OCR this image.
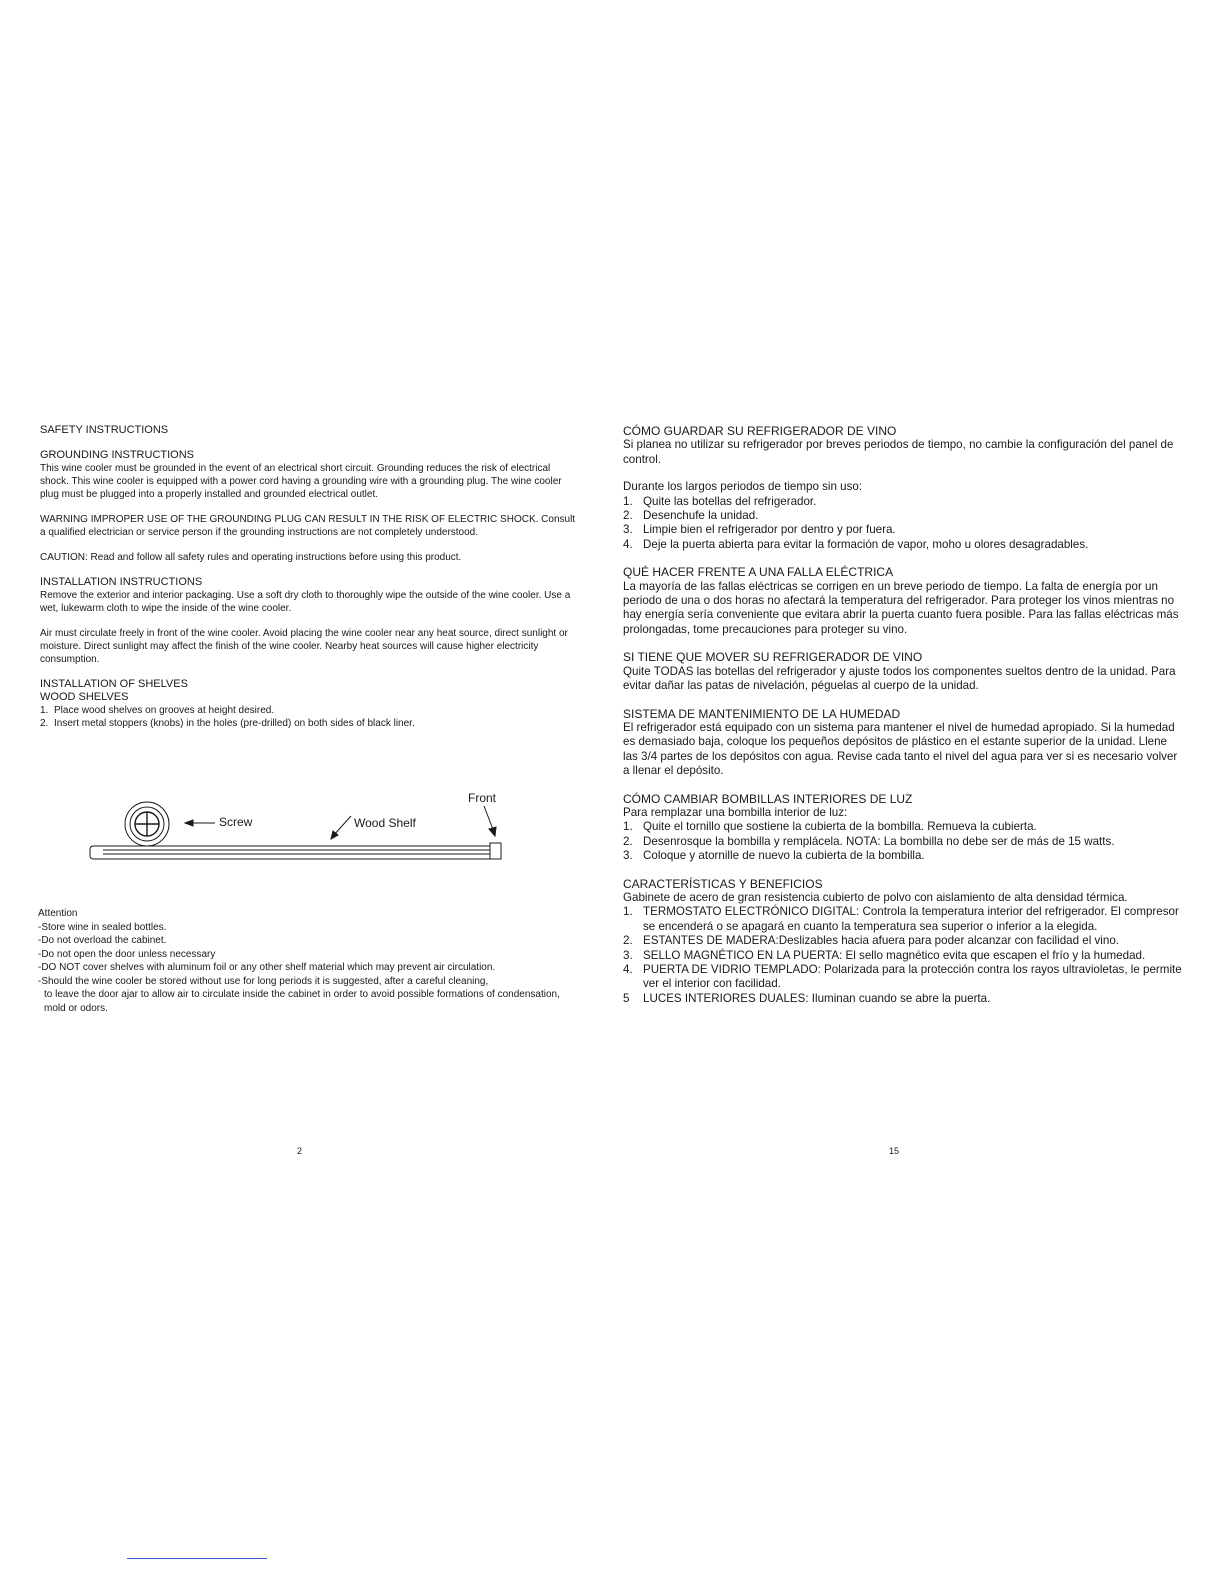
SAFETY INSTRUCTIONS

GROUNDING INSTRUCTIONS

This wine cooler must be grounded in the event of an electrical short circuit. Grounding reduces the risk of electrical shock. This wine cooler is equipped with a power cord having a grounding wire with a grounding plug. The wine cooler plug must be plugged into a properly installed and grounded electrical outlet.

WARNING IMPROPER USE OF THE GROUNDING PLUG CAN RESULT IN THE RISK OF ELECTRIC SHOCK. Consult a qualified electrician or service person if the grounding instructions are not completely understood.

CAUTION: Read and follow all safety rules and operating instructions before using this product.

INSTALLATION INSTRUCTIONS

Remove the exterior and interior packaging. Use a soft dry cloth to thoroughly wipe the outside of the wine cooler. Use a wet, lukewarm cloth to wipe the inside of the wine cooler.

Air must circulate freely in front of the wine cooler. Avoid placing the wine cooler near any heat source, direct sunlight or moisture. Direct sunlight may affect the finish of the wine cooler. Nearby heat sources will cause higher electricity consumption.

INSTALLATION OF SHELVES

WOOD SHELVES

1. Place wood shelves on grooves at height desired.
2. Insert metal stoppers (knobs) in the holes (pre-drilled) on both sides of black liner.
Screw	Wood Shelf
Front

Attention

-Store wine in sealed bottles.

-Do not overload the cabinet.

-Do not open the door unless necessary

-DO NOT cover shelves with aluminum foil or any other shelf material which may prevent air circulation.

-Should the wine cooler be stored without use for long periods it is suggested, after a careful cleaning,

to leave the door ajar to allow air to circulate inside the cabinet in order to avoid possible formations of condensation, mold or odors.

2

CÓMO GUARDAR SU REFRIGERADOR DE VINO

Si planea no utilizar su refrigerador por breves periodos de tiempo, no cambie la configuración del panel de control.

Durante los largos periodos de tiempo sin uso:

1. Quite las botellas del refrigerador.
2. Desenchufe la unidad.
3. Limpie bien el refrigerador por dentro y por fuera.
4. Deje la puerta abierta para evitar la formación de vapor, moho u olores desagradables.

QUÉ HACER FRENTE A UNA FALLA ELÉCTRICA

La mayoría de las fallas eléctricas se corrigen en un breve periodo de tiempo. La falta de energía por un periodo de una o dos horas no afectará la temperatura del refrigerador. Para proteger los vinos mientras no hay energía sería conveniente que evitara abrir la puerta cuanto fuera posible. Para las fallas eléctricas más prolongadas, tome precauciones para proteger su vino.

SI TIENE QUE MOVER SU REFRIGERADOR DE VINO

Quite TODAS las botellas del refrigerador y ajuste todos los componentes sueltos dentro de la unidad. Para evitar dañar las patas de nivelación, péguelas al cuerpo de la unidad.

SISTEMA DE MANTENIMIENTO DE LA HUMEDAD

El refrigerador está equipado con un sistema para mantener el nivel de humedad apropiado. Si la humedad es demasiado baja, coloque los pequeños depósitos de plástico en el estante superior de la unidad. Llene las 3/4 partes de los depósitos con agua. Revise cada tanto el nivel del agua para ver si es necesario volver a llenar el depósito.

CÓMO CAMBIAR BOMBILLAS INTERIORES DE LUZ

Para remplazar una bombilla interior de luz:

1. Quite el tornillo que sostiene la cubierta de la bombilla. Remueva la cubierta.
2. Desenrosque la bombilla y remplácela. NOTA: La bombilla no debe ser de más de 15 watts.
3. Coloque y atornille de nuevo la cubierta de la bombilla.

CARACTERÍSTICAS Y BENEFICIOS

Gabinete de acero de gran resistencia cubierto de polvo con aislamiento de alta densidad térmica.

1. TERMOSTATO ELECTRÓNICO DIGITAL: Controla la temperatura interior del refrigerador. El compresor se encenderá o se apagará en cuanto la temperatura sea superior o inferior a la elegida.
2. ESTANTES DE MADERA:Deslizables hacia afuera para poder alcanzar con facilidad el vino.
3. SELLO MAGNÉTICO EN LA PUERTA: El sello magnético evita que escapen el frío y la humedad.
4. PUERTA DE VIDRIO TEMPLADO: Polarizada para la protección contra los rayos ultravioletas, le permite ver el interior con facilidad.
5	LUCES INTERIORES DUALES: Iluminan cuando se abre la puerta.
15
